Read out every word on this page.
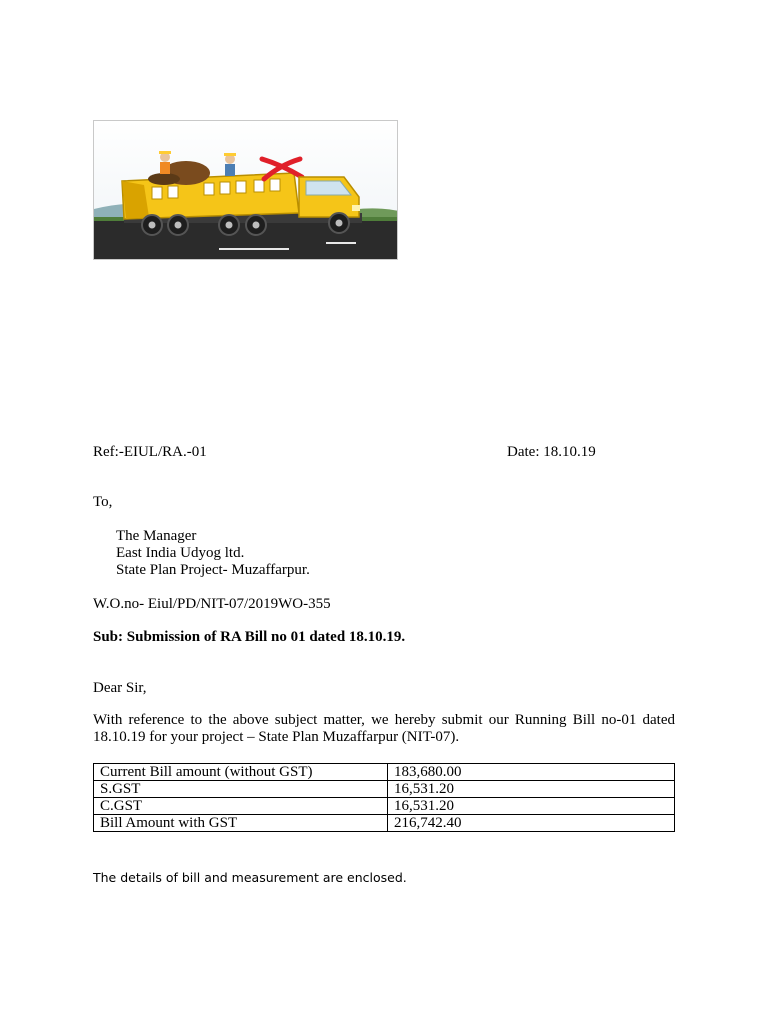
Ref:-EIUL/RA.-01	Date: 18.10.19
To,
The Manager
East India Udyog ltd.
State Plan Project- Muzaffarpur.
W.O.no- Eiul/PD/NIT-07/2019WO-355
Sub: Submission of RA Bill no 01 dated 18.10.19.
Dear Sir,
With reference to the above subject matter, we hereby submit our Running Bill no-01 dated 18.10.19 for your project – State Plan Muzaffarpur (NIT-07).
Current Bill amount (without GST)	183,680.00
S.GST	16,531.20
C.GST	16,531.20
Bill Amount with GST	216,742.40
The details of bill and measurement are enclosed.
